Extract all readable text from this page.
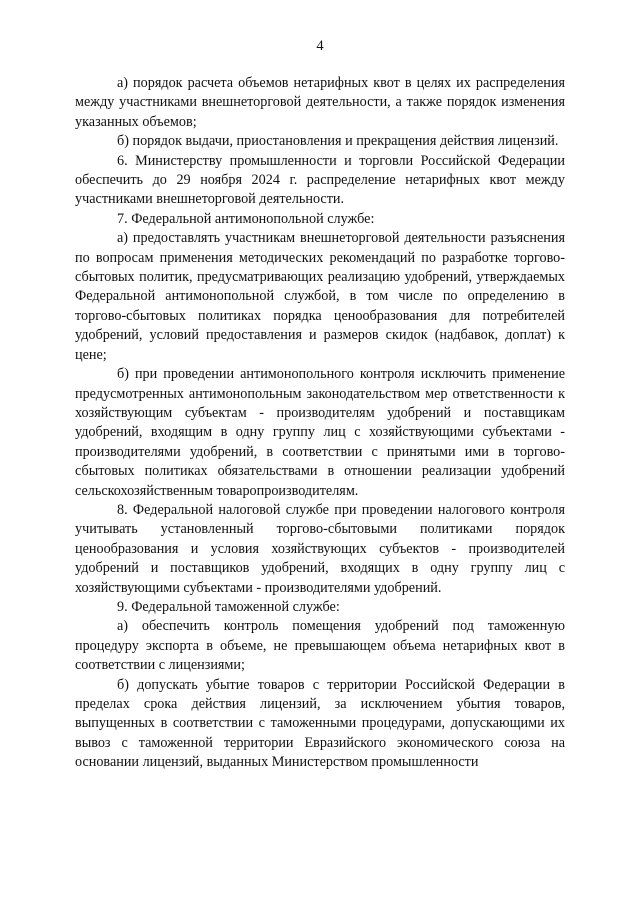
4

а) порядок расчета объемов нетарифных квот в целях их распределения между участниками внешнеторговой деятельности, а также порядок изменения указанных объемов;

б) порядок выдачи, приостановления и прекращения действия лицензий.

6. Министерству промышленности и торговли Российской Федерации обеспечить до 29 ноября 2024 г. распределение нетарифных квот между участниками внешнеторговой деятельности.

7. Федеральной антимонопольной службе:

а) предоставлять участникам внешнеторговой деятельности разъяснения по вопросам применения методических рекомендаций по разработке торгово-сбытовых политик, предусматривающих реализацию удобрений, утверждаемых Федеральной антимонопольной службой, в том числе по определению в торгово-сбытовых политиках порядка ценообразования для потребителей удобрений, условий предоставления и размеров скидок (надбавок, доплат) к цене;

б) при проведении антимонопольного контроля исключить применение предусмотренных антимонопольным законодательством мер ответственности к хозяйствующим субъектам - производителям удобрений и поставщикам удобрений, входящим в одну группу лиц с хозяйствующими субъектами - производителями удобрений, в соответствии с принятыми ими в торгово-сбытовых политиках обязательствами в отношении реализации удобрений сельскохозяйственным товаропроизводителям.

8. Федеральной налоговой службе при проведении налогового контроля учитывать установленный торгово-сбытовыми политиками порядок ценообразования и условия хозяйствующих субъектов - производителей удобрений и поставщиков удобрений, входящих в одну группу лиц с хозяйствующими субъектами - производителями удобрений.

9. Федеральной таможенной службе:

а) обеспечить контроль помещения удобрений под таможенную процедуру экспорта в объеме, не превышающем объема нетарифных квот в соответствии с лицензиями;

б) допускать убытие товаров с территории Российской Федерации в пределах срока действия лицензий, за исключением убытия товаров, выпущенных в соответствии с таможенными процедурами, допускающими их вывоз с таможенной территории Евразийского экономического союза на основании лицензий, выданных Министерством промышленности
